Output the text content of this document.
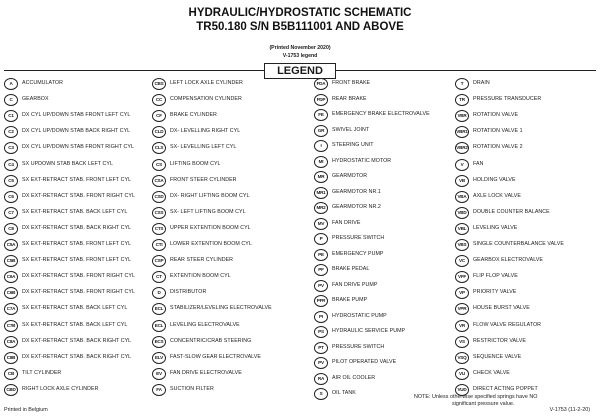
HYDRAULIC/HYDROSTATIC SCHEMATIC
TR50.180 S/N B5B111001 AND ABOVE
(Printed November 2020)
V-1753 legend
LEGEND
A	ACCUMULATOR
C	GEARBOX
C1	DX CYL UP/DOWN STAB FRONT LEFT CYL
C2	DX CYL UP/DOWN STAB BACK RIGHT CYL
C3	DX CYL UP/DOWN STAB FRONT RIGHT CYL
C4	SX UPDOWN STAB BACK LEFT CYL
C5	SX EXT-RETRACT STAB. FRONT LEFT CYL
C6	DX EXT-RETRACT STAB. FRONT RIGHT CYL
C7	SX EXT-RETRACT STAB. BACK LEFT CYL
C8	DX EXT-RETRACT STAB. BACK RIGHT CYL
C5A	SX EXT-RETRACT STAB. FRONT LEFT CYL
C5B	SX EXT-RETRACT STAB. FRONT LEFT CYL
C6A	DX EXT-RETRACT STAB. FRONT RIGHT CYL
C6B	DX EXT-RETRACT STAB. FRONT RIGHT CYL
C7A	SX EXT-RETRACT STAB. BACK LEFT CYL
C7B	SX EXT-RETRACT STAB. BACK LEFT CYL
C8A	DX EXT-RETRACT STAB. BACK RIGHT CYL
C8B	DX EXT-RETRACT STAB. BACK RIGHT CYL
CB	TILT CYLINDER
CBD	RIGHT LOCK AXLE CYLINDER
CBS	LEFT LOCK AXLE CYLINDER
CC	COMPENSATION CYLINDER
CF	BRAKE CYLINDER
CLD	DX- LEVELLING RIGHT CYL
CLS	SX- LEVELLING LEFT CYL
CS	LIFTING BOOM CYL
CSA	FRONT STEER CYLINDER
CSD	DX- RIGHT LIFTING BOOM CYL
CSS	SX- LEFT LIFTING BOOM CYL
CTS	UPPER EXTENTION BOOM CYL
CTI	LOWER EXTENTION BOOM CYL
CSP	REAR STEER CYLINDER
CT	EXTENTION BOOM CYL
D	DISTRIBUTOR
ECL	STABILIZER/LEVELING ELECTROVALVE
ECL	LEVELING ELECTROVALVE
ECS	CONCENTRIC/CRAB STEERING
ELV	FAST-SLOW GEAR ELECTROVALVE
EV	FAN DRIVE ELECTROVALVE
FA	SUCTION FILTER
FDA	FRONT BRAKE
FDP	REAR BRAKE
FE	EMERGENCY BRAKE ELECTROVALVE
GR	SWIVEL JOINT
I	STEERING UNIT
MI	HYDROSTATIC MOTOR
MR	GEARMOTOR
MR1	GEARMOTOR NR.1
MR2	GEARMOTOR NR.2
MV	FAN DRIVE
P	PRESSURE SWITCH
PE	EMERGENCY PUMP
PF	BRAKE PEDAL
PV	FAN DRIVE PUMP
PFR	BRAKE PUMP
PI	HYDROSTATIC PUMP
PS	HYDRAULIC SERVICE PUMP
PT	PRESSURE SWITCH
PV	PILOT OPERATED VALVE
RA	AIR OIL COOLER
S	OIL TANK
T	DRAIN
TR	PRESSURE TRANSDUCER
VBR	ROTATION VALVE
VBR1 ROTATION VALVE 1
VBR2 ROTATION VALVE 2
V	FAN
VB	HOLDING VALVE
VBA	AXLE LOCK VALVE
VBD	DOUBLE COUNTER BALANCE
VBL	LEVELING VALVE
VBS	SINGLE COUNTERBALANCE VALVE
VC	GEARBOX ELECTROVALVE
VFF	FLIP FLOP VALVE
VP	PRIORITY VALVE
VPR	HOUSE BURST VALVE
VR	FLOW VALVE REGULATOR
VS	RESTRICTOR VALVE
VSQ	SEQUENCE VALVE
VU	CHECK VALVE
VUD	DIRECT ACTING POPPET
NOTE: Unless otherwise specified springs have NO
significant pressure value.
Printed in Belgium	V-1753 (11-2-20)
